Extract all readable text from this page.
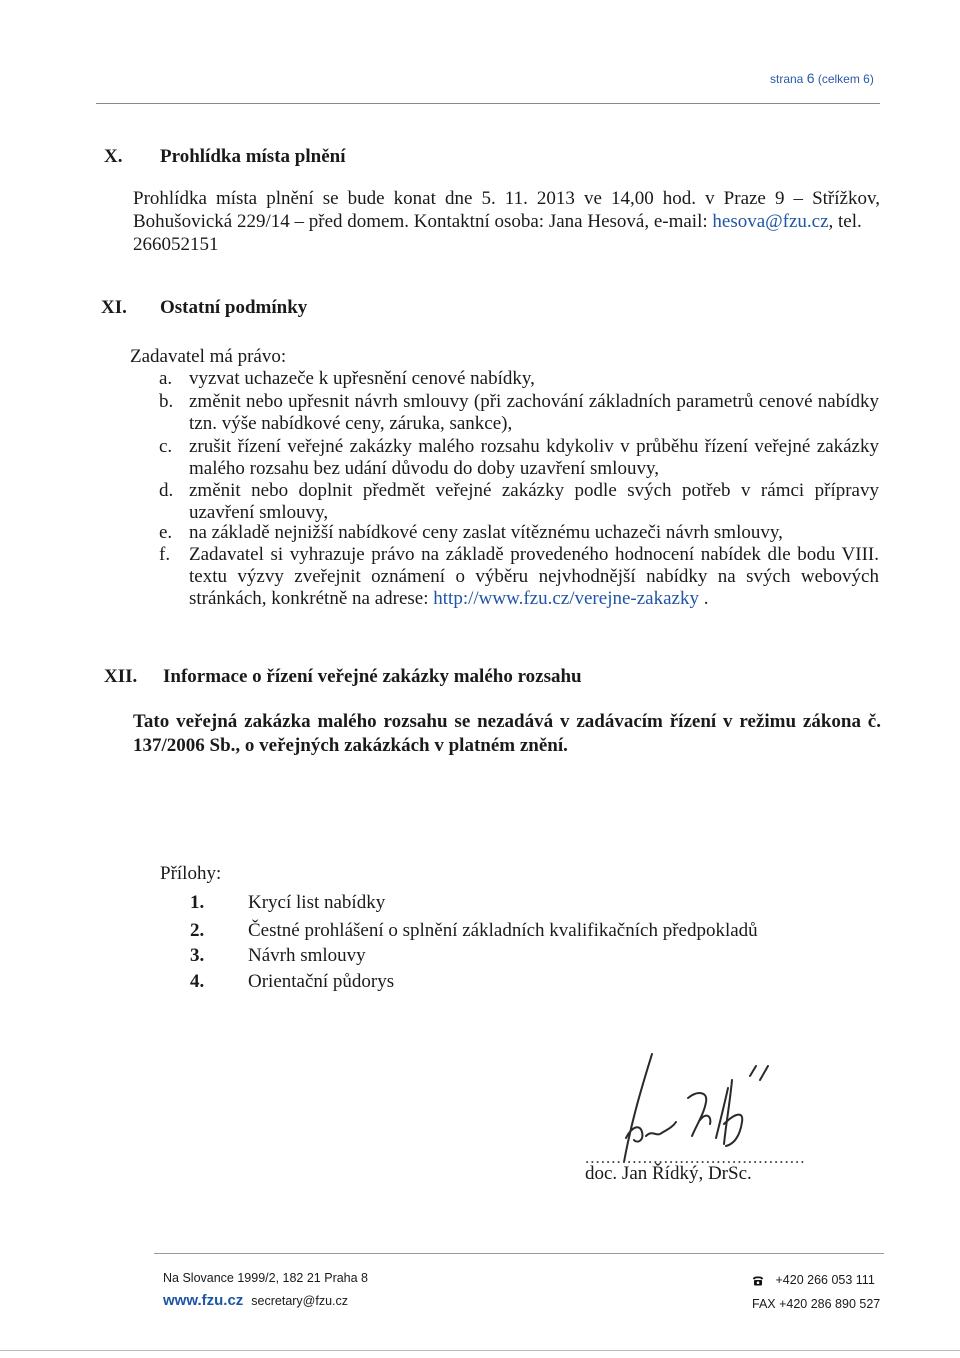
strana 6 (celkem 6)
X. Prohlídka místa plnění
Prohlídka místa plnění se bude konat dne 5. 11. 2013 ve 14,00 hod. v Praze 9 – Střížkov,
Bohušovická 229/14 – před domem. Kontaktní osoba: Jana Hesová, e-mail: hesova@fzu.cz, tel.
266052151
XI. Ostatní podmínky
Zadavatel má právo:
a. vyzvat uchazeče k upřesnění cenové nabídky,
b. změnit nebo upřesnit návrh smlouvy (při zachování základních parametrů cenové nabídky tzn. výše nabídkové ceny, záruka, sankce),
c. zrušit řízení veřejné zakázky malého rozsahu kdykoliv v průběhu řízení veřejné zakázky malého rozsahu bez udání důvodu do doby uzavření smlouvy,
d. změnit nebo doplnit předmět veřejné zakázky podle svých potřeb v rámci přípravy uzavření smlouvy,
e. na základě nejnižší nabídkové ceny zaslat vítěznému uchazeči návrh smlouvy,
f. Zadavatel si vyhrazuje právo na základě provedeného hodnocení nabídek dle bodu VIII. textu výzvy zveřejnit oznámení o výběru nejvhodnější nabídky na svých webových stránkách, konkrétně na adrese: http://www.fzu.cz/verejne-zakazky .
XII. Informace o řízení veřejné zakázky malého rozsahu
Tato veřejná zakázka malého rozsahu se nezadává v zadávacím řízení v režimu zákona č. 137/2006 Sb., o veřejných zakázkách v platném znění.
Přílohy:
1. Krycí list nabídky
2. Čestné prohlášení o splnění základních kvalifikačních předpokladů
3. Návrh smlouvy
4. Orientační půdorys
..........................................
doc. Jan Řídký, DrSc.
Na Slovance 1999/2, 182 21 Praha 8
www.fzu.cz secretary@fzu.cz
+420 266 053 111
FAX +420 286 890 527
